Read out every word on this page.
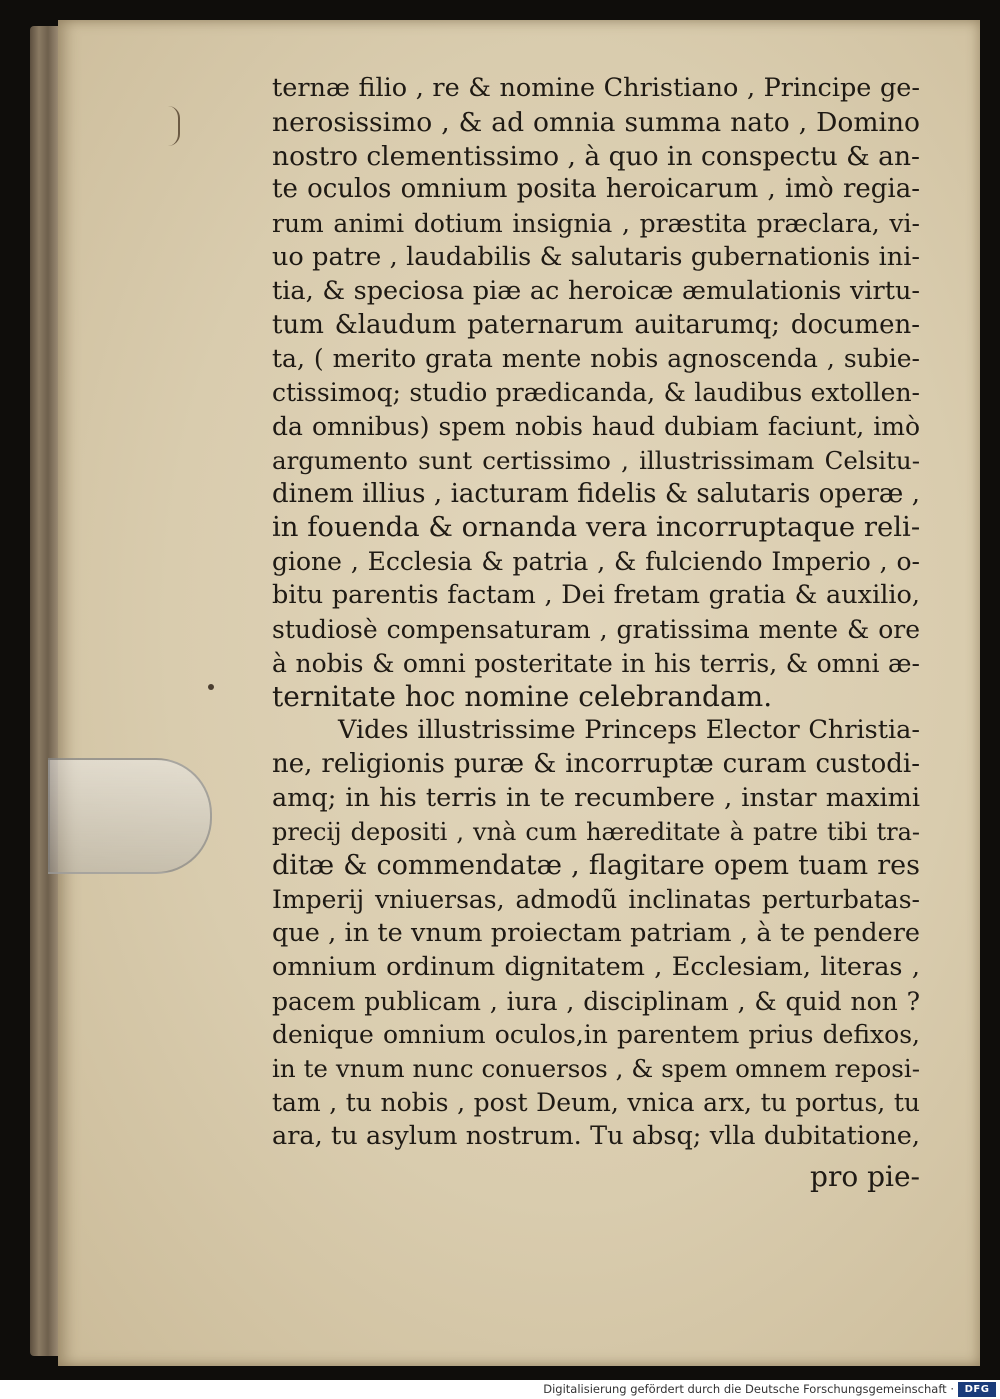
ternæ filio , re & nomine Christiano , Principe ge-
nerosissimo , & ad omnia summa nato , Domino
nostro clementissimo , à quo in conspectu & an-
te oculos omnium posita heroicarum , imò regia-
rum animi dotium insignia , præstita præclara, vi-
uo patre , laudabilis & salutaris gubernationis ini-
tia, & speciosa piæ ac heroicæ æmulationis virtu-
tum &laudum paternarum auitarumq; documen-
ta, ( merito grata mente nobis agnoscenda , subie-
ctissimoq; studio prædicanda, & laudibus extollen-
da omnibus) spem nobis haud dubiam faciunt, imò
argumento sunt certissimo , illustrissimam Celsitu-
dinem illius , iacturam fidelis & salutaris operæ ,
in fouenda & ornanda vera incorruptaque reli-
gione , Ecclesia & patria , & fulciendo Imperio , o-
bitu parentis factam , Dei fretam gratia & auxilio,
studiosè compensaturam , gratissima mente & ore
à nobis & omni posteritate in his terris, & omni æ-
ternitate hoc nomine celebrandam.
Vides illustrissime Princeps Elector Christia-
ne, religionis puræ & incorruptæ curam custodi-
amq; in his terris in te recumbere , instar maximi
precij depositi , vnà cum hæreditate à patre tibi tra-
ditæ & commendatæ , flagitare opem tuam res
Imperij vniuersas, admodũ inclinatas perturbatas-
que , in te vnum proiectam patriam , à te pendere
omnium ordinum dignitatem , Ecclesiam, literas ,
pacem publicam , iura , disciplinam , & quid non ?
denique omnium oculos,in parentem prius defixos,
in te vnum nunc conuersos , & spem omnem reposi-
tam , tu nobis , post Deum, vnica arx, tu portus, tu
ara, tu asylum nostrum. Tu absq; vlla dubitatione,
pro pie-
Digitalisierung gefördert durch die Deutsche Forschungsgemeinschaft ·	DFG
